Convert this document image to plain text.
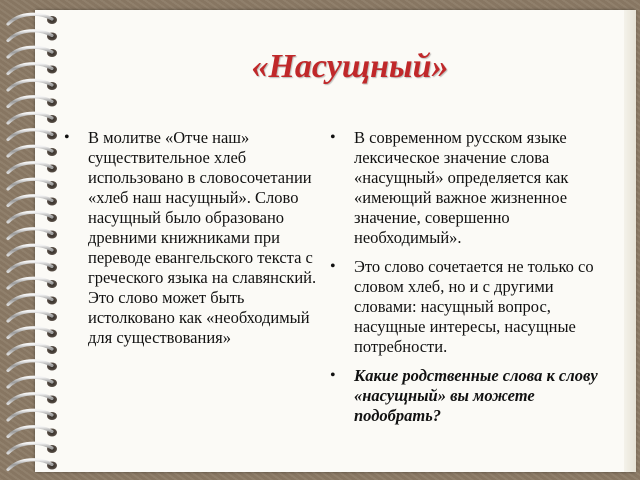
«Насущный»
• В молитве «Отче наш» существительное хлеб использовано в словосочетании «хлеб наш насущный». Слово насущный было образовано древними книжниками при переводе евангельского текста с греческого языка на славянский. Это слово может быть истолковано как «необходимый для существования»
• В современном русском языке лексическое значение слова «насущный» определяется как «имеющий важное жизненное значение, совершенно необходимый».
• Это слово сочетается не только со словом хлеб, но и с другими словами: насущный вопрос, насущные интересы, насущные потребности.
• Какие родственные слова к слову «насущный» вы можете подобрать?
